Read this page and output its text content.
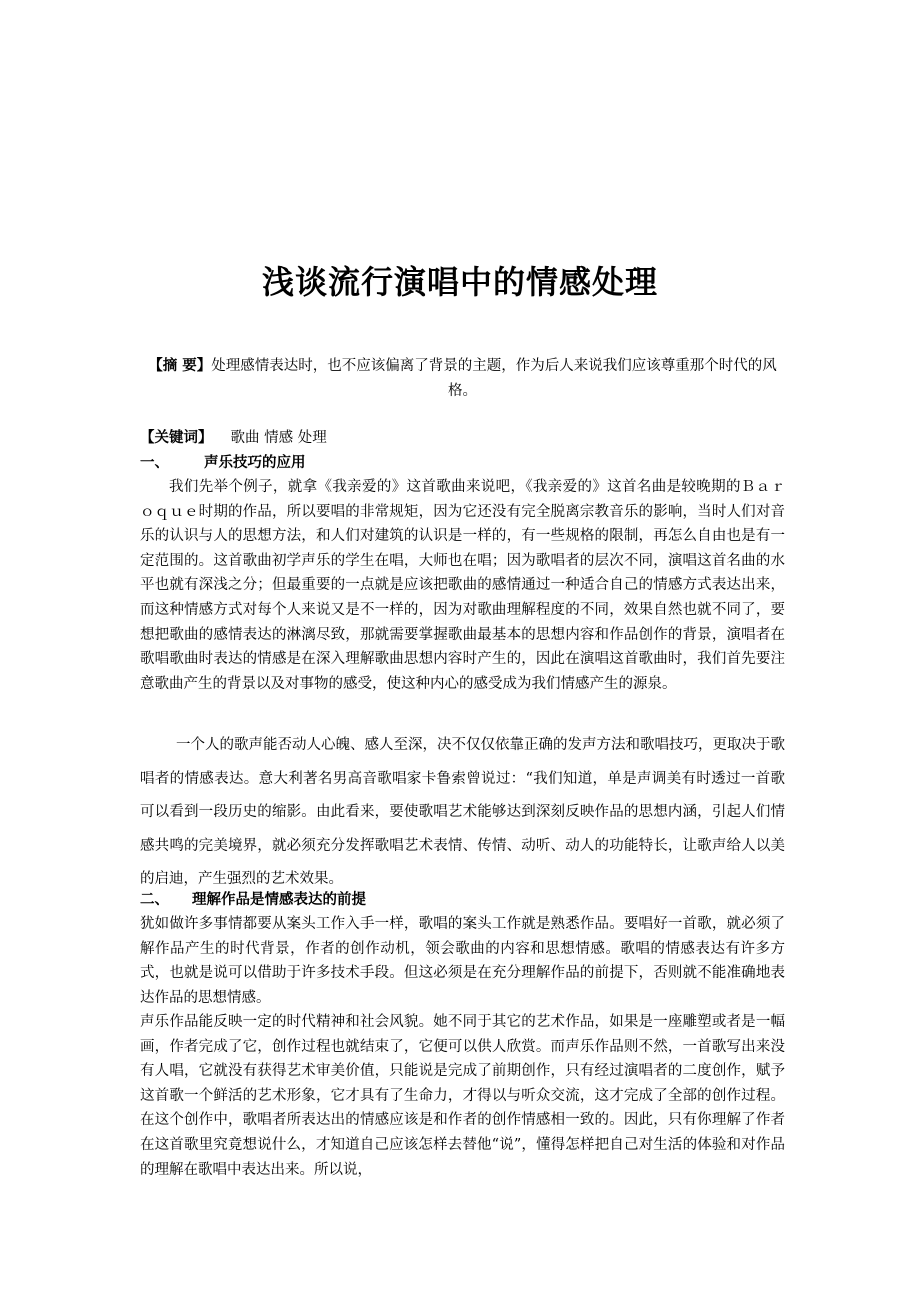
浅谈流行演唱中的情感处理
【摘 要】处理感情表达时，也不应该偏离了背景的主题，作为后人来说我们应该尊重那个时代的风格。
【关键词】 歌曲 情感 处理
一、 声乐技巧的应用
我们先举个例子，就拿《我亲爱的》这首歌曲来说吧，《我亲爱的》这首名曲是较晚期的Ｂａｒｏｑｕｅ时期的作品，所以要唱的非常规矩，因为它还没有完全脱离宗教音乐的影响，当时人们对音乐的认识与人的思想方法，和人们对建筑的认识是一样的，有一些规格的限制，再怎么自由也是有一定范围的。这首歌曲初学声乐的学生在唱，大师也在唱；因为歌唱者的层次不同，演唱这首名曲的水平也就有深浅之分；但最重要的一点就是应该把歌曲的感情通过一种适合自己的情感方式表达出来，而这种情感方式对每个人来说又是不一样的，因为对歌曲理解程度的不同，效果自然也就不同了，要想把歌曲的感情表达的淋漓尽致，那就需要掌握歌曲最基本的思想内容和作品创作的背景，演唱者在歌唱歌曲时表达的情感是在深入理解歌曲思想内容时产生的，因此在演唱这首歌曲时，我们首先要注意歌曲产生的背景以及对事物的感受，使这种内心的感受成为我们情感产生的源泉。
一个人的歌声能否动人心魄、感人至深，决不仅仅依靠正确的发声方法和歌唱技巧，更取决于歌唱者的情感表达。意大利著名男高音歌唱家卡鲁索曾说过：“我们知道，单是声调美有时透过一首歌可以看到一段历史的缩影。由此看来，要使歌唱艺术能够达到深刻反映作品的思想内涵，引起人们情感共鸣的完美境界，就必须充分发挥歌唱艺术表情、传情、动听、动人的功能特长，让歌声给人以美的启迪，产生强烈的艺术效果。
二、 理解作品是情感表达的前提
犹如做许多事情都要从案头工作入手一样，歌唱的案头工作就是熟悉作品。要唱好一首歌，就必须了解作品产生的时代背景，作者的创作动机，领会歌曲的内容和思想情感。歌唱的情感表达有许多方式，也就是说可以借助于许多技术手段。但这必须是在充分理解作品的前提下，否则就不能准确地表达作品的思想情感。
声乐作品能反映一定的时代精神和社会风貌。她不同于其它的艺术作品，如果是一座雕塑或者是一幅画，作者完成了它，创作过程也就结束了，它便可以供人欣赏。而声乐作品则不然，一首歌写出来没有人唱，它就没有获得艺术审美价值，只能说是完成了前期创作，只有经过演唱者的二度创作，赋予这首歌一个鲜活的艺术形象，它才具有了生命力，才得以与听众交流，这才完成了全部的创作过程。在这个创作中，歌唱者所表达出的情感应该是和作者的创作情感相一致的。因此，只有你理解了作者在这首歌里究竟想说什么，才知道自己应该怎样去替他“说”，懂得怎样把自己对生活的体验和对作品的理解在歌唱中表达出来。所以说，
